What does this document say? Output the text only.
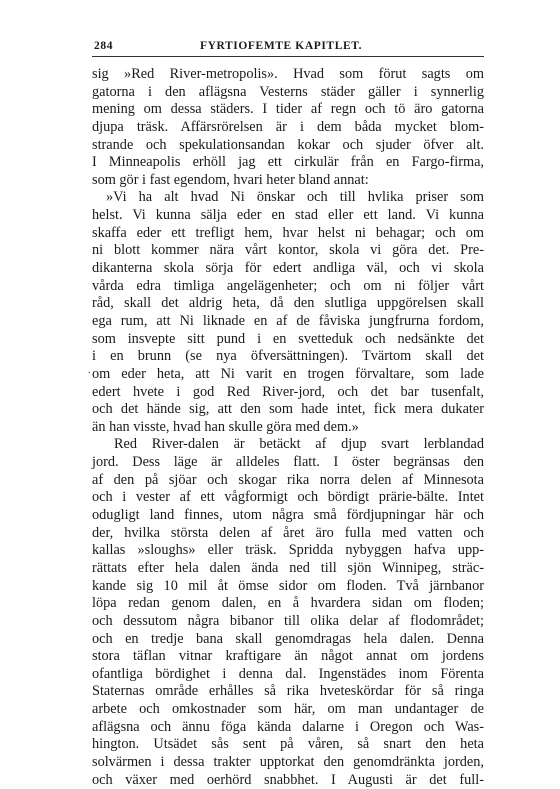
284	FYRTIOFEMTE KAPITLET.
sig »Red River-metropolis». Hvad som förut sagts om
gatorna i den aflägsna Vesterns städer gäller i synnerlig
mening om dessa städers. I tider af regn och tö äro gatorna
djupa träsk. Affärsrörelsen är i dem båda mycket blom-
strande och spekulationsandan kokar och sjuder öfver alt.
I Minneapolis erhöll jag ett cirkulär från en Fargo-firma,
som gör i fast egendom, hvari heter bland annat:
»Vi ha alt hvad Ni önskar och till hvlika priser som
helst. Vi kunna sälja eder en stad eller ett land. Vi kunna
skaffa eder ett trefligt hem, hvar helst ni behagar; och om
ni blott kommer nära vårt kontor, skola vi göra det. Pre-
dikanterna skola sörja för edert andliga väl, och vi skola
vårda edra timliga angelägenheter; och om ni följer vårt
råd, skall det aldrig heta, då den slutliga uppgörelsen skall
ega rum, att Ni liknade en af de fåviska jungfrurna fordom,
som insvepte sitt pund i en svetteduk och nedsänkte det
i en brunn (se nya öfversättningen). Tvärtom skall det
. om eder heta, att Ni varit en trogen förvaltare, som lade
edert hvete i god Red River-jord, och det bar tusenfalt,
och det hände sig, att den som hade intet, fick mera dukater
än han visste, hvad han skulle göra med dem.»
Red River-dalen är betäckt af djup svart lerblandad
jord. Dess läge är alldeles flatt. I öster begränsas den
af den på sjöar och skogar rika norra delen af Minnesota
och i vester af ett vågformigt och bördigt prärie-bälte. Intet
odugligt land finnes, utom några små fördjupningar här och
der, hvilka största delen af året äro fulla med vatten och
kallas »sloughs» eller träsk. Spridda nybyggen hafva upp-
rättats efter hela dalen ända ned till sjön Winnipeg, sträc-
kande sig 10 mil åt ömse sidor om floden. Två järnbanor
löpa redan genom dalen, en å hvardera sidan om floden;
och dessutom några bibanor till olika delar af flodområdet;
och en tredje bana skall genomdragas hela dalen. Denna
stora täflan vitnar kraftigare än något annat om jordens
ofantliga bördighet i denna dal. Ingenstädes inom Förenta
Staternas område erhålles så rika hveteskördar för så ringa
arbete och omkostnader som här, om man undantager de
aflägsna och ännu föga kända dalarne i Oregon och Was-
hington. Utsädet sås sent på våren, så snart den heta
solvärmen i dessa trakter upptorkat den genomdränkta jorden,
och växer med oerhörd snabbhet. I Augusti är det full-
